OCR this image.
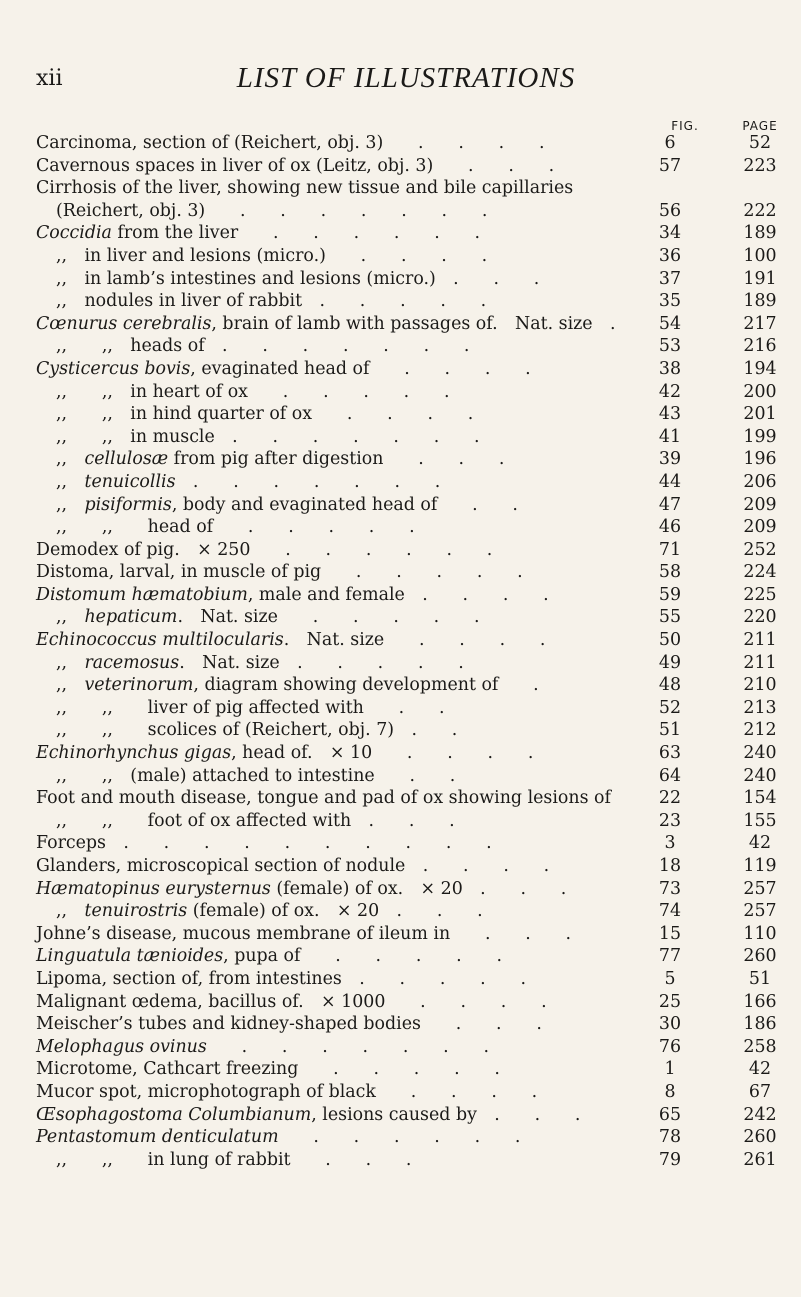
xii	LIST OF ILLUSTRATIONS
FIG.	PAGE
Carcinoma, section of (Reichert, obj. 3)  .  .  .  .	6	52
Cavernous spaces in liver of ox (Leitz, obj. 3)  .  .  .	57	223
Cirrhosis of the liver, showing new tissue and bile capillaries
(Reichert, obj. 3)  .  .  .  .  .  .  .	56	222
Coccidia from the liver  .  .  .  .  .  .	34	189
,, in liver and lesions (micro.)  .  .  .  .	36	100
,, in lamb’s intestines and lesions (micro.) .  .  .	37	191
,, nodules in liver of rabbit .  .  .  .  .	35	189
Cœnurus cerebralis, brain of lamb with passages of. Nat. size .	54	217
,,  ,, heads of .  .  .  .  .  .  .	53	216
Cysticercus bovis, evaginated head of  .  .  .  .	38	194
,,  ,, in heart of ox  .  .  .  .  .	42	200
,,  ,, in hind quarter of ox  .  .  .  .	43	201
,,  ,, in muscle .  .  .  .  .  .  .	41	199
,, cellulosæ from pig after digestion  .  .  .	39	196
,, tenuicollis .  .  .  .  .  .  .	44	206
,, pisiformis, body and evaginated head of  .  .	47	209
,,  ,,  head of  .  .  .  .  .	46	209
Demodex of pig. × 250  .  .  .  .  .  .	71	252
Distoma, larval, in muscle of pig  .  .  .  .  .	58	224
Distomum hæmatobium, male and female .  .  .  .	59	225
,, hepaticum. Nat. size  .  .  .  .  .	55	220
Echinococcus multilocularis. Nat. size  .  .  .  .	50	211
,, racemosus. Nat. size .  .  .  .  .	49	211
,, veterinorum, diagram showing development of  .	48	210
,,  ,,  liver of pig affected with  .  .	52	213
,,  ,,  scolices of (Reichert, obj. 7) .  .	51	212
Echinorhynchus gigas, head of. × 10  .  .  .  .	63	240
,,  ,, (male) attached to intestine  .  .	64	240
Foot and mouth disease, tongue and pad of ox showing lesions of	22	154
,,  ,,  foot of ox affected with .  .  .	23	155
Forceps .  .  .  .  .  .  .  .  .  .	3	42
Glanders, microscopical section of nodule .  .  .  .	18	119
Hæmatopinus eurysternus (female) of ox. × 20 .  .  .	73	257
,, tenuirostris (female) of ox. × 20 .  .  .	74	257
Johne’s disease, mucous membrane of ileum in  .  .  .	15	110
Linguatula tænioides, pupa of  .  .  .  .  .	77	260
Lipoma, section of, from intestines .  .  .  .  .	5	51
Malignant œdema, bacillus of. × 1000  .  .  .  .	25	166
Meischer’s tubes and kidney-shaped bodies  .  .  .	30	186
Melophagus ovinus  .  .  .  .  .  .  .	76	258
Microtome, Cathcart freezing  .  .  .  .  .	1	42
Mucor spot, microphotograph of black  .  .  .  .	8	67
Œsophagostoma Columbianum, lesions caused by .  .  .	65	242
Pentastomum denticulatum  .  .  .  .  .  .	78	260
,,  ,,  in lung of rabbit  .  .  .	79	261
